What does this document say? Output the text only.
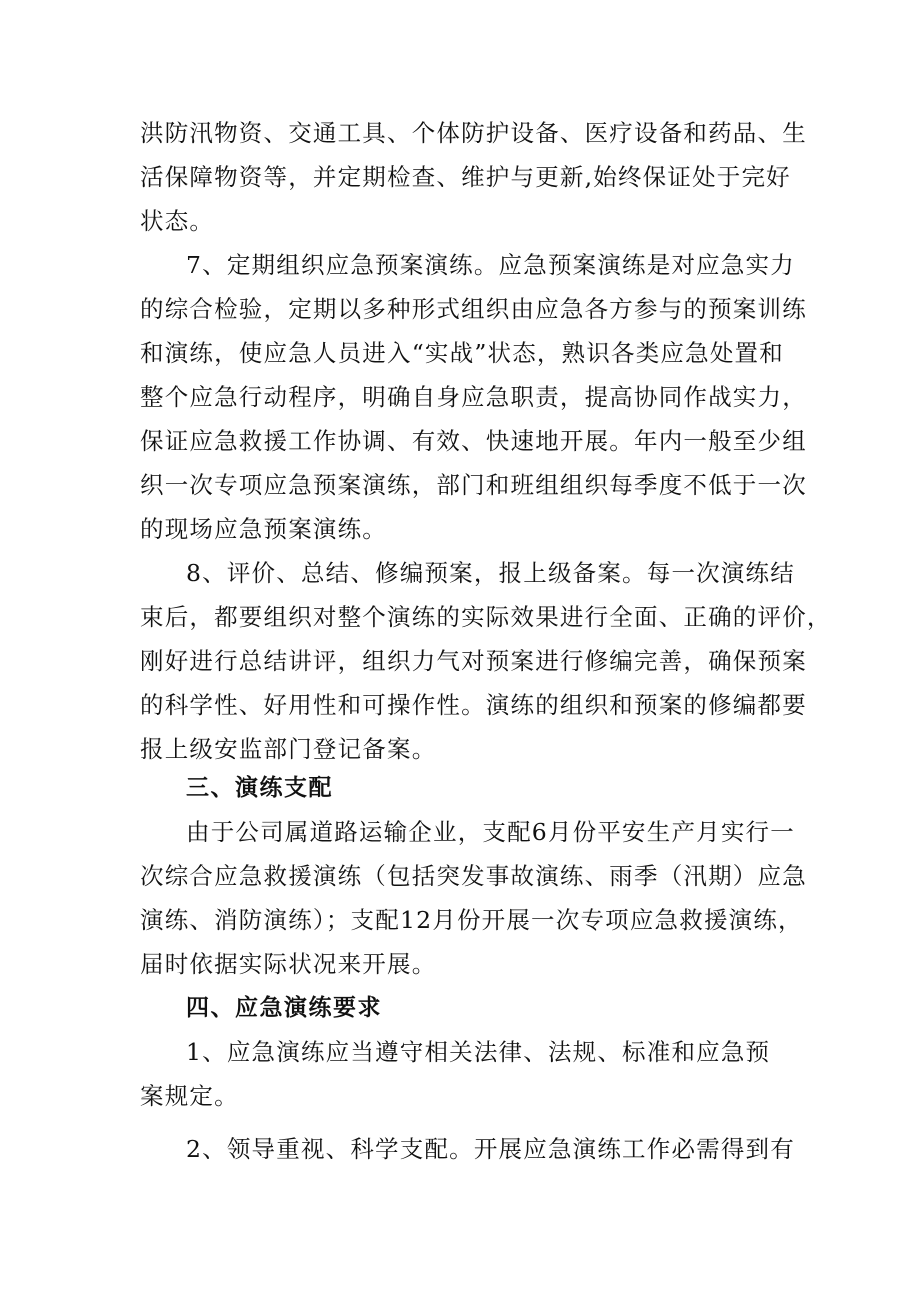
洪防汛物资、交通工具、个体防护设备、医疗设备和药品、生
活保障物资等，并定期检查、维护与更新,始终保证处于完好
状态。
7、定期组织应急预案演练。应急预案演练是对应急实力
的综合检验，定期以多种形式组织由应急各方参与的预案训练
和演练，使应急人员进入“实战”状态，熟识各类应急处置和
整个应急行动程序，明确自身应急职责，提高协同作战实力，
保证应急救援工作协调、有效、快速地开展。年内一般至少组
织一次专项应急预案演练，部门和班组组织每季度不低于一次
的现场应急预案演练。
8、评价、总结、修编预案，报上级备案。每一次演练结
束后，都要组织对整个演练的实际效果进行全面、正确的评价，
刚好进行总结讲评，组织力气对预案进行修编完善，确保预案
的科学性、好用性和可操作性。演练的组织和预案的修编都要
报上级安监部门登记备案。
三、演练支配
由于公司属道路运输企业，支配6月份平安生产月实行一
次综合应急救援演练（包括突发事故演练、雨季（汛期）应急
演练、消防演练）；支配12月份开展一次专项应急救援演练，
届时依据实际状况来开展。
四、应急演练要求
1、应急演练应当遵守相关法律、法规、标准和应急预
案规定。
2、领导重视、科学支配。开展应急演练工作必需得到有
